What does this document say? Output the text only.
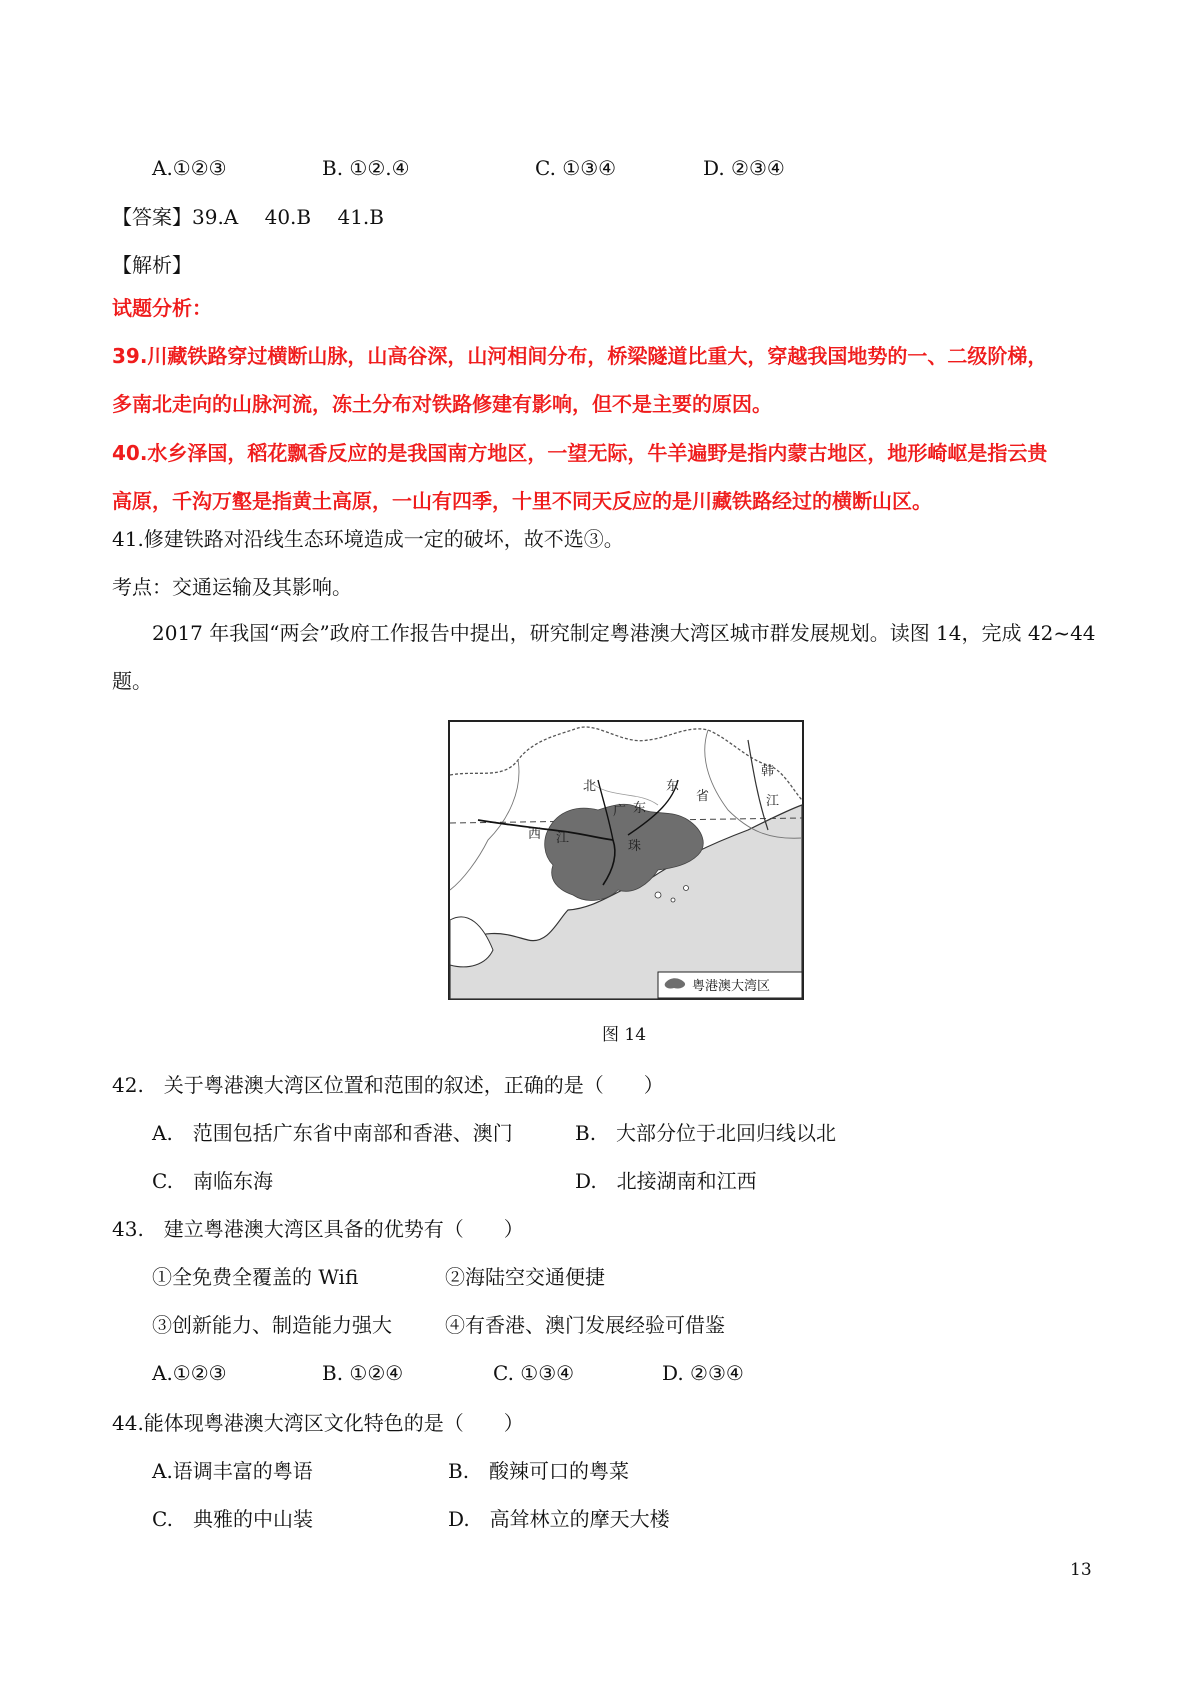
A.①②③	B. ①②.④	C. ①③④	D. ②③④
【答案】39.A　 40.B　 41.B
【解析】
试题分析：
39.川藏铁路穿过横断山脉，山高谷深，山河相间分布，桥梁隧道比重大，穿越我国地势的一、二级阶梯，
多南北走向的山脉河流，冻土分布对铁路修建有影响，但不是主要的原因。
40.水乡泽国，稻花飘香反应的是我国南方地区，一望无际，牛羊遍野是指内蒙古地区，地形崎岖是指云贵
高原，千沟万壑是指黄土高原，一山有四季，十里不同天反应的是川藏铁路经过的横断山区。
41.修建铁路对沿线生态环境造成一定的破坏，故不选③。
考点：交通运输及其影响。
2017 年我国“两会”政府工作报告中提出，研究制定粤港澳大湾区城市群发展规划。读图 14，完成 42~44
题。
北	东
省
韩
江
广 东
西 江
珠
粤港澳大湾区
图 14
42.　关于粤港澳大湾区位置和范围的叙述，正确的是（　　）
A.　范围包括广东省中南部和香港、澳门	B.　大部分位于北回归线以北
C.　南临东海	D.　北接湖南和江西
43.　建立粤港澳大湾区具备的优势有（　　）
①全免费全覆盖的 Wifi	②海陆空交通便捷
③创新能力、制造能力强大	④有香港、澳门发展经验可借鉴
A.①②③	B. ①②④	C. ①③④	D. ②③④
44.能体现粤港澳大湾区文化特色的是（　　）
A.语调丰富的粤语	B.　酸辣可口的粤菜
C.　典雅的中山装	D.　高耸林立的摩天大楼
13
